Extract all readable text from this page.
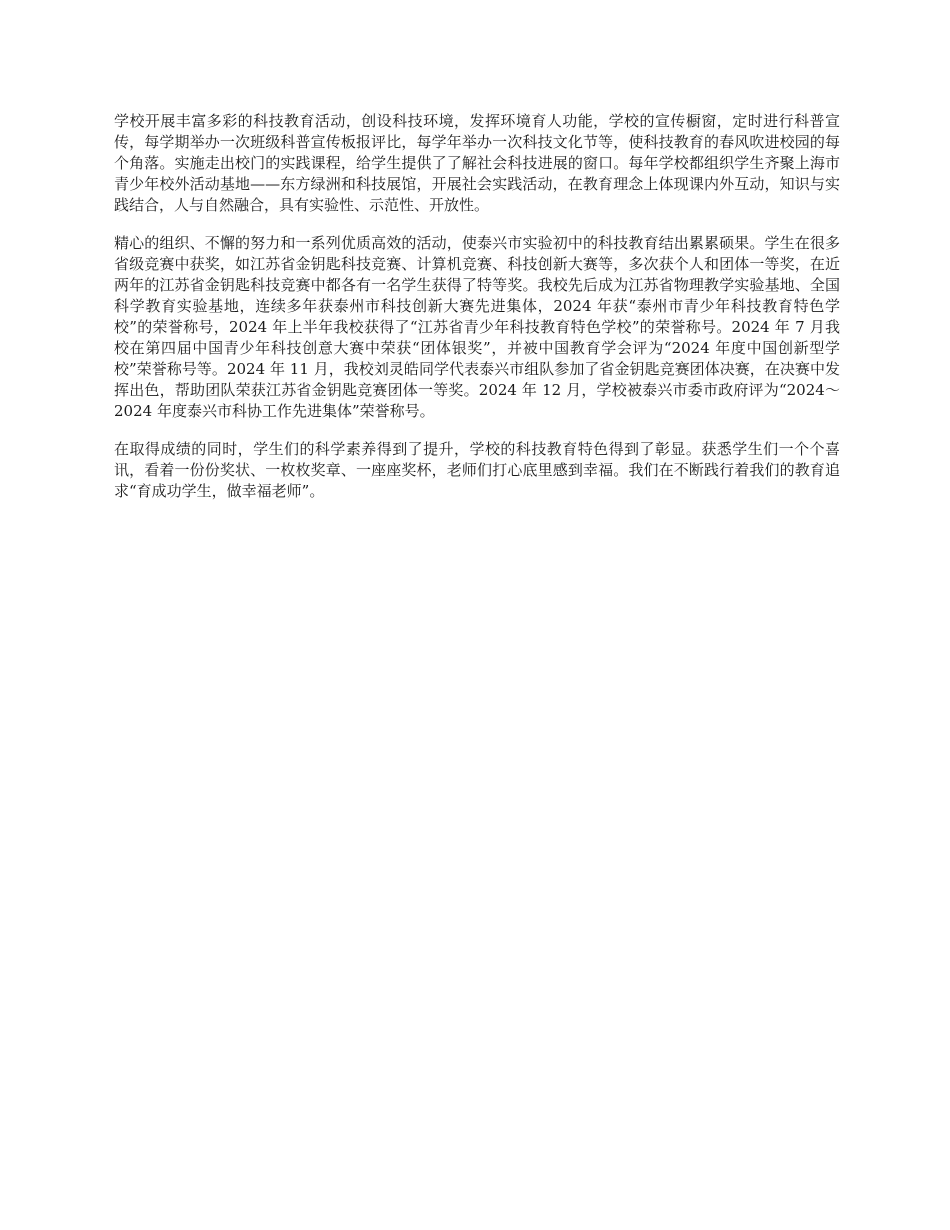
学校开展丰富多彩的科技教育活动，创设科技环境，发挥环境育人功能，学校的宣传橱窗，定时进行科普宣传，每学期举办一次班级科普宣传板报评比，每学年举办一次科技文化节等，使科技教育的春风吹进校园的每个角落。实施走出校门的实践课程，给学生提供了了解社会科技进展的窗口。每年学校都组织学生齐聚上海市青少年校外活动基地——东方绿洲和科技展馆，开展社会实践活动，在教育理念上体现课内外互动，知识与实践结合，人与自然融合，具有实验性、示范性、开放性。

精心的组织、不懈的努力和一系列优质高效的活动，使泰兴市实验初中的科技教育结出累累硕果。学生在很多省级竞赛中获奖，如江苏省金钥匙科技竞赛、计算机竞赛、科技创新大赛等，多次获个人和团体一等奖，在近两年的江苏省金钥匙科技竞赛中都各有一名学生获得了特等奖。我校先后成为江苏省物理教学实验基地、全国科学教育实验基地，连续多年获泰州市科技创新大赛先进集体，2024 年获“泰州市青少年科技教育特色学校”的荣誉称号，2024 年上半年我校获得了“江苏省青少年科技教育特色学校”的荣誉称号。2024 年 7 月我校在第四届中国青少年科技创意大赛中荣获“团体银奖”，并被中国教育学会评为“2024 年度中国创新型学校”荣誉称号等。2024 年 11 月，我校刘灵皓同学代表泰兴市组队参加了省金钥匙竞赛团体决赛，在决赛中发挥出色，帮助团队荣获江苏省金钥匙竞赛团体一等奖。2024 年 12 月，学校被泰兴市委市政府评为“2024～2024 年度泰兴市科协工作先进集体”荣誉称号。

在取得成绩的同时，学生们的科学素养得到了提升，学校的科技教育特色得到了彰显。获悉学生们一个个喜讯，看着一份份奖状、一枚枚奖章、一座座奖杯，老师们打心底里感到幸福。我们在不断践行着我们的教育追求“育成功学生，做幸福老师”。
